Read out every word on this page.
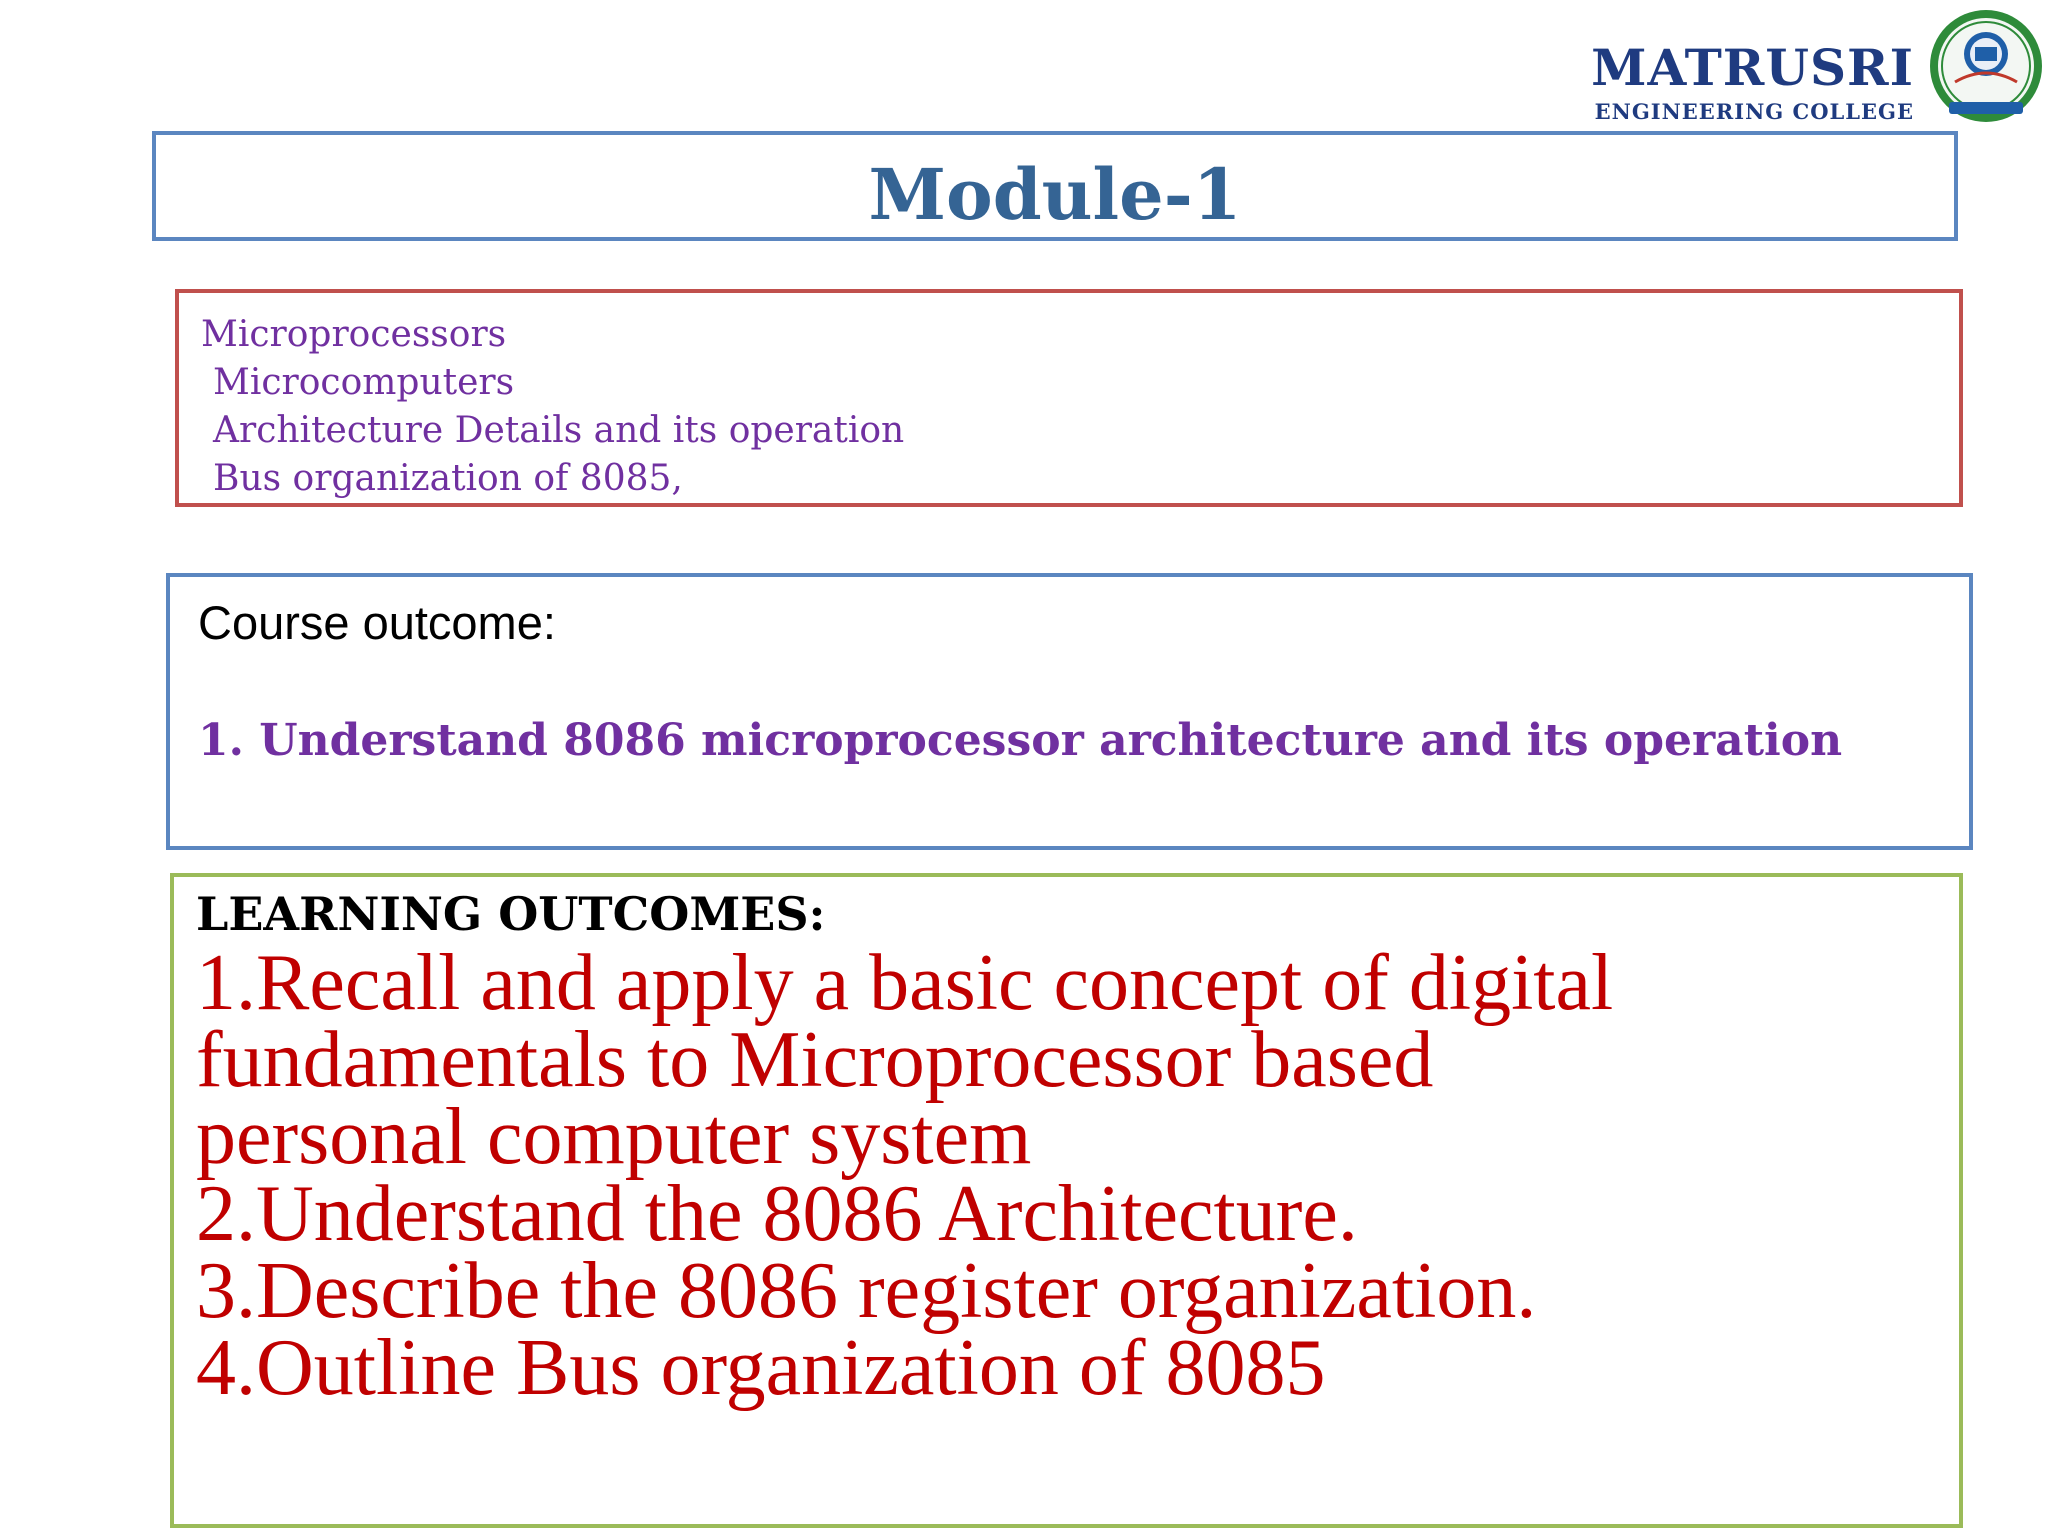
MATRUSRI
ENGINEERING COLLEGE
Module-1
Microprocessors
Microcomputers
Architecture Details and its operation
Bus organization of 8085,
Course outcome:
1. Understand 8086 microprocessor architecture and its operation
LEARNING OUTCOMES:
1.Recall and apply a basic concept of digital
fundamentals to Microprocessor based
personal computer system
2.Understand the 8086 Architecture.
3.Describe the 8086 register organization.
4.Outline Bus organization of 8085
